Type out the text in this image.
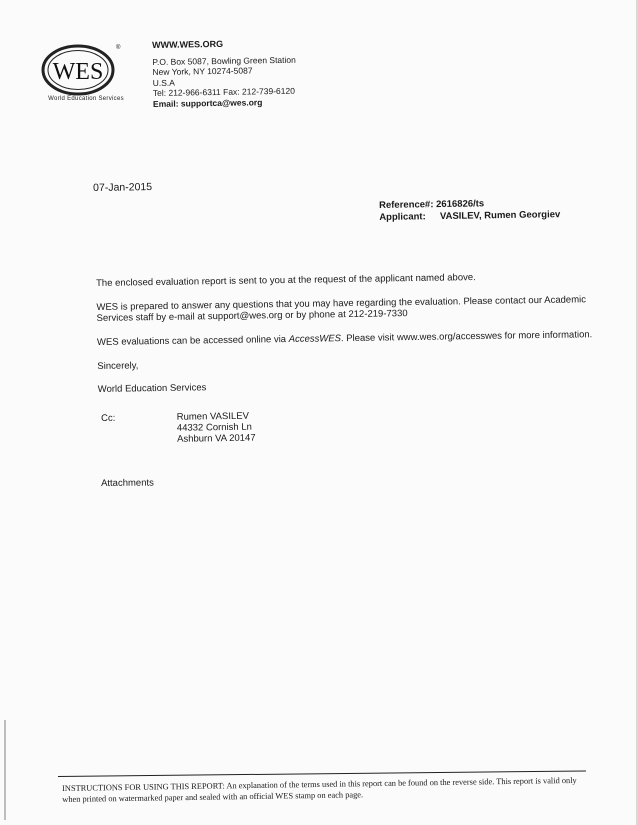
WES
®
World Education Services
WWW.WES.ORG
P.O. Box 5087, Bowling Green Station
New York, NY 10274-5087
U.S.A
Tel: 212-966-6311 Fax: 212-739-6120
Email: supportca@wes.org
07-Jan-2015
Reference#: 2616826/ts
Applicant: VASILEV, Rumen Georgiev

The enclosed evaluation report is sent to you at the request of the applicant named above.

WES is prepared to answer any questions that you may have regarding the evaluation. Please contact our Academic Services staff by e-mail at support@wes.org or by phone at 212-219-7330

WES evaluations can be accessed online via AccessWES. Please visit www.wes.org/accesswes for more information.

Sincerely,

World Education Services

Cc:	Rumen VASILEV
44332 Cornish Ln
Ashburn VA 20147
Attachments
INSTRUCTIONS FOR USING THIS REPORT: An explanation of the terms used in this report can be found on the reverse side. This report is valid only when printed on watermarked paper and sealed with an official WES stamp on each page.
